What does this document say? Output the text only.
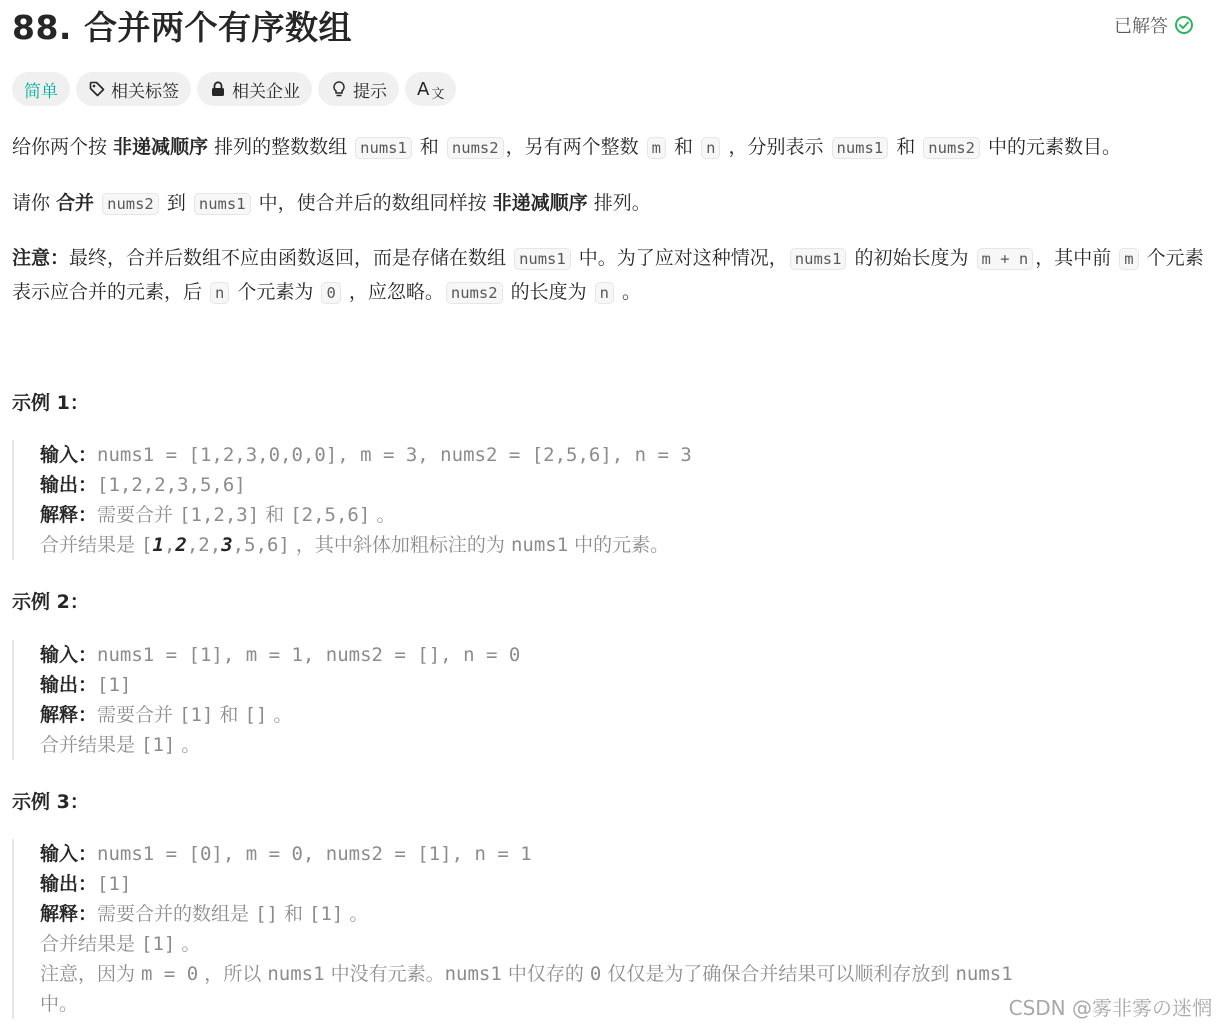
88. 合并两个有序数组	已解答
简单	相关标签	相关企业	提示 A 文
给你两个按 非递减顺序 排列的整数数组 nums1 和 nums2 ，另有两个整数 m 和 n ，分别表示 nums1 和 nums2 中的元素数目。
请你 合并 nums2 到 nums1 中，使合并后的数组同样按 非递减顺序 排列。
注意：最终，合并后数组不应由函数返回，而是存储在数组 nums1 中。为了应对这种情况， nums1 的初始长度为 m + n ，其中前 m 个元素表示应合并的元素，后 n 个元素为 0 ，应忽略。 nums2 的长度为 n 。
示例 1：
输入：nums1 = [1,2,3,0,0,0], m = 3, nums2 = [2,5,6], n = 3
输出：[1,2,2,3,5,6]
解释：需要合并 [1,2,3] 和 [2,5,6] 。
合并结果是 [1,2,2,3,5,6] ，其中斜体加粗标注的为 nums1 中的元素。
示例 2：
输入：nums1 = [1], m = 1, nums2 = [], n = 0
输出：[1]
解释：需要合并 [1] 和 [] 。
合并结果是 [1] 。
示例 3：
输入：nums1 = [0], m = 0, nums2 = [1], n = 1
输出：[1]
解释：需要合并的数组是 [] 和 [1] 。
合并结果是 [1] 。
注意，因为 m = 0 ，所以 nums1 中没有元素。nums1 中仅存的 0 仅仅是为了确保合并结果可以顺利存放到 nums1
中。	CSDN @雾非雾の迷惘
